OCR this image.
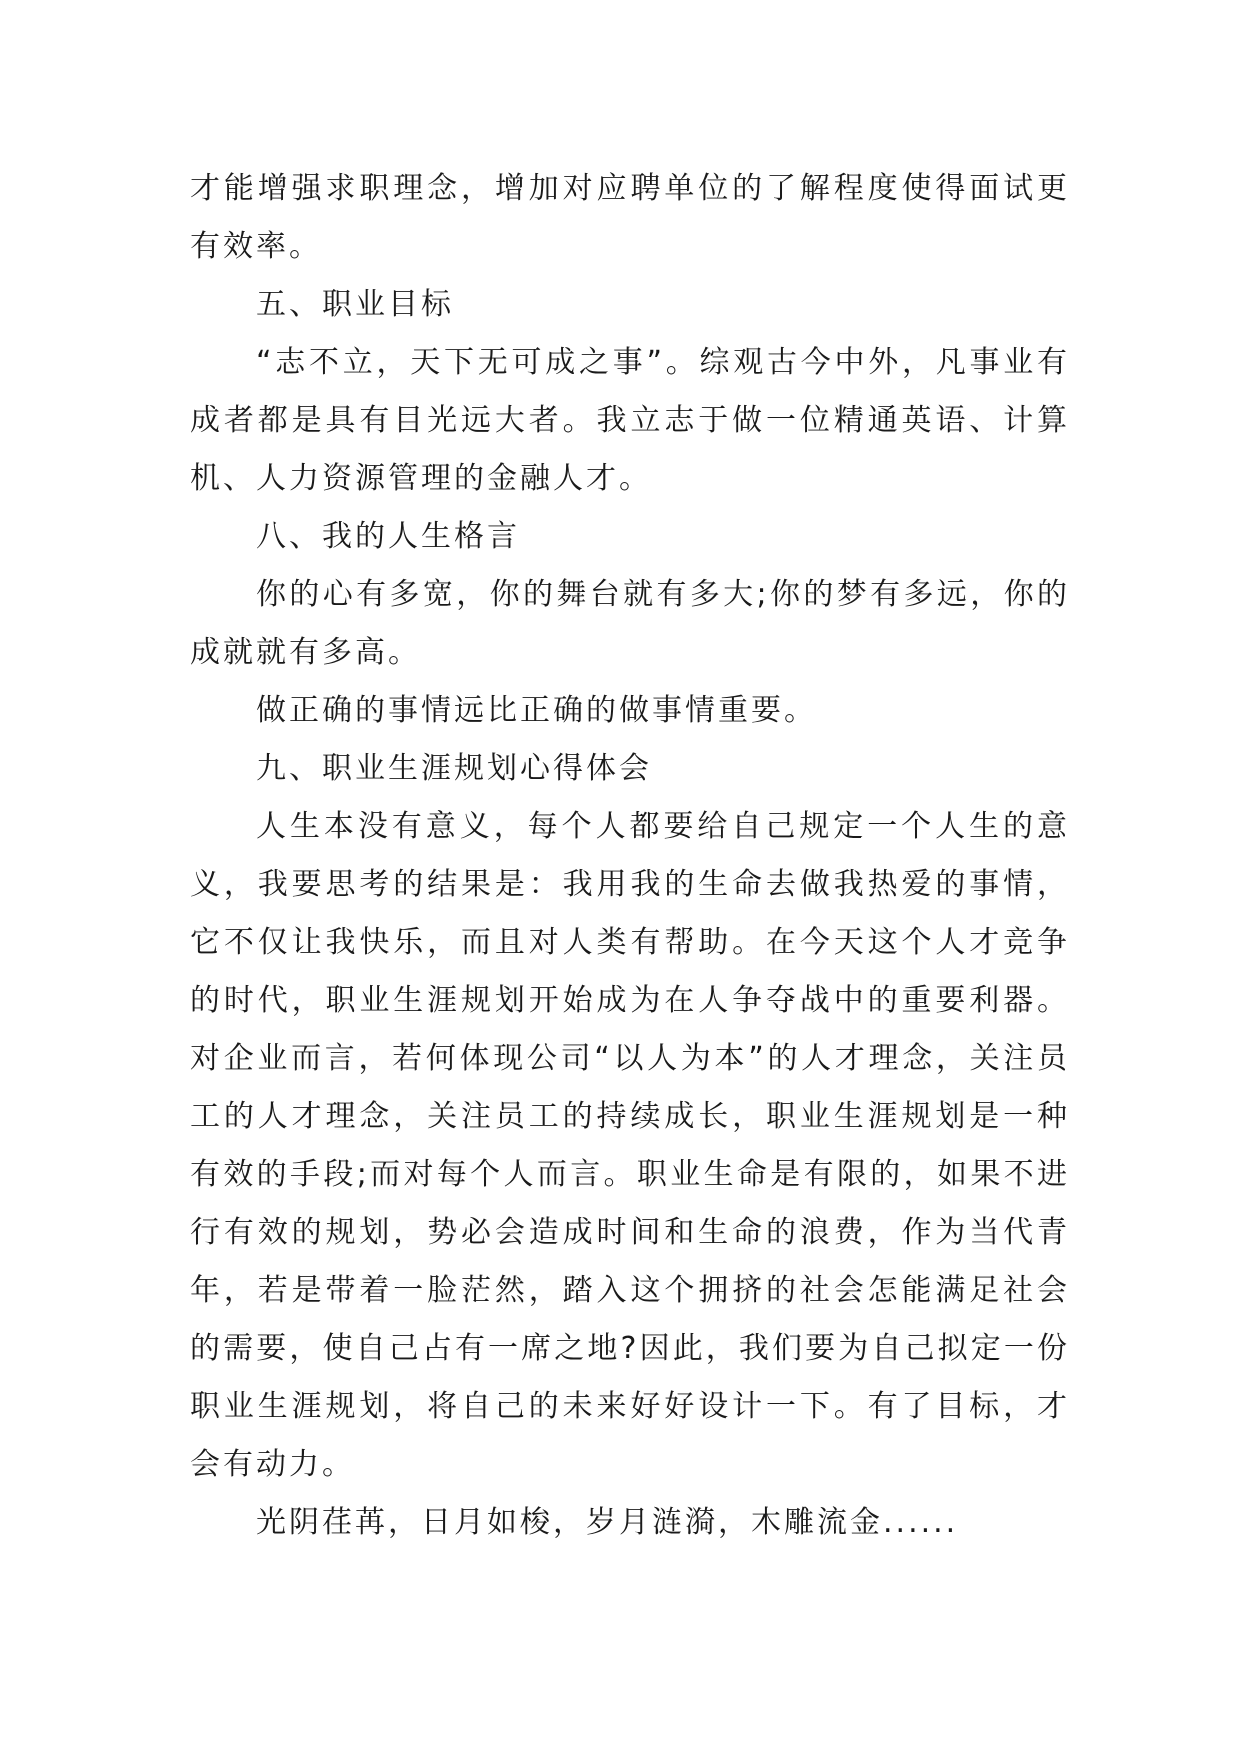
才能增强求职理念，增加对应聘单位的了解程度使得面试更有效率。

五、职业目标

“志不立，天下无可成之事”。综观古今中外，凡事业有成者都是具有目光远大者。我立志于做一位精通英语、计算机、人力资源管理的金融人才。

八、我的人生格言

你的心有多宽，你的舞台就有多大;你的梦有多远，你的成就就有多高。

做正确的事情远比正确的做事情重要。

九、职业生涯规划心得体会

人生本没有意义，每个人都要给自己规定一个人生的意义，我要思考的结果是：我用我的生命去做我热爱的事情，它不仅让我快乐，而且对人类有帮助。在今天这个人才竞争的时代，职业生涯规划开始成为在人争夺战中的重要利器。对企业而言，若何体现公司“以人为本”的人才理念，关注员工的人才理念，关注员工的持续成长，职业生涯规划是一种有效的手段;而对每个人而言。职业生命是有限的，如果不进行有效的规划，势必会造成时间和生命的浪费，作为当代青年，若是带着一脸茫然，踏入这个拥挤的社会怎能满足社会的需要，使自己占有一席之地?因此，我们要为自己拟定一份职业生涯规划，将自己的未来好好设计一下。有了目标，才会有动力。

光阴荏苒，日月如梭，岁月涟漪，木雕流金......
